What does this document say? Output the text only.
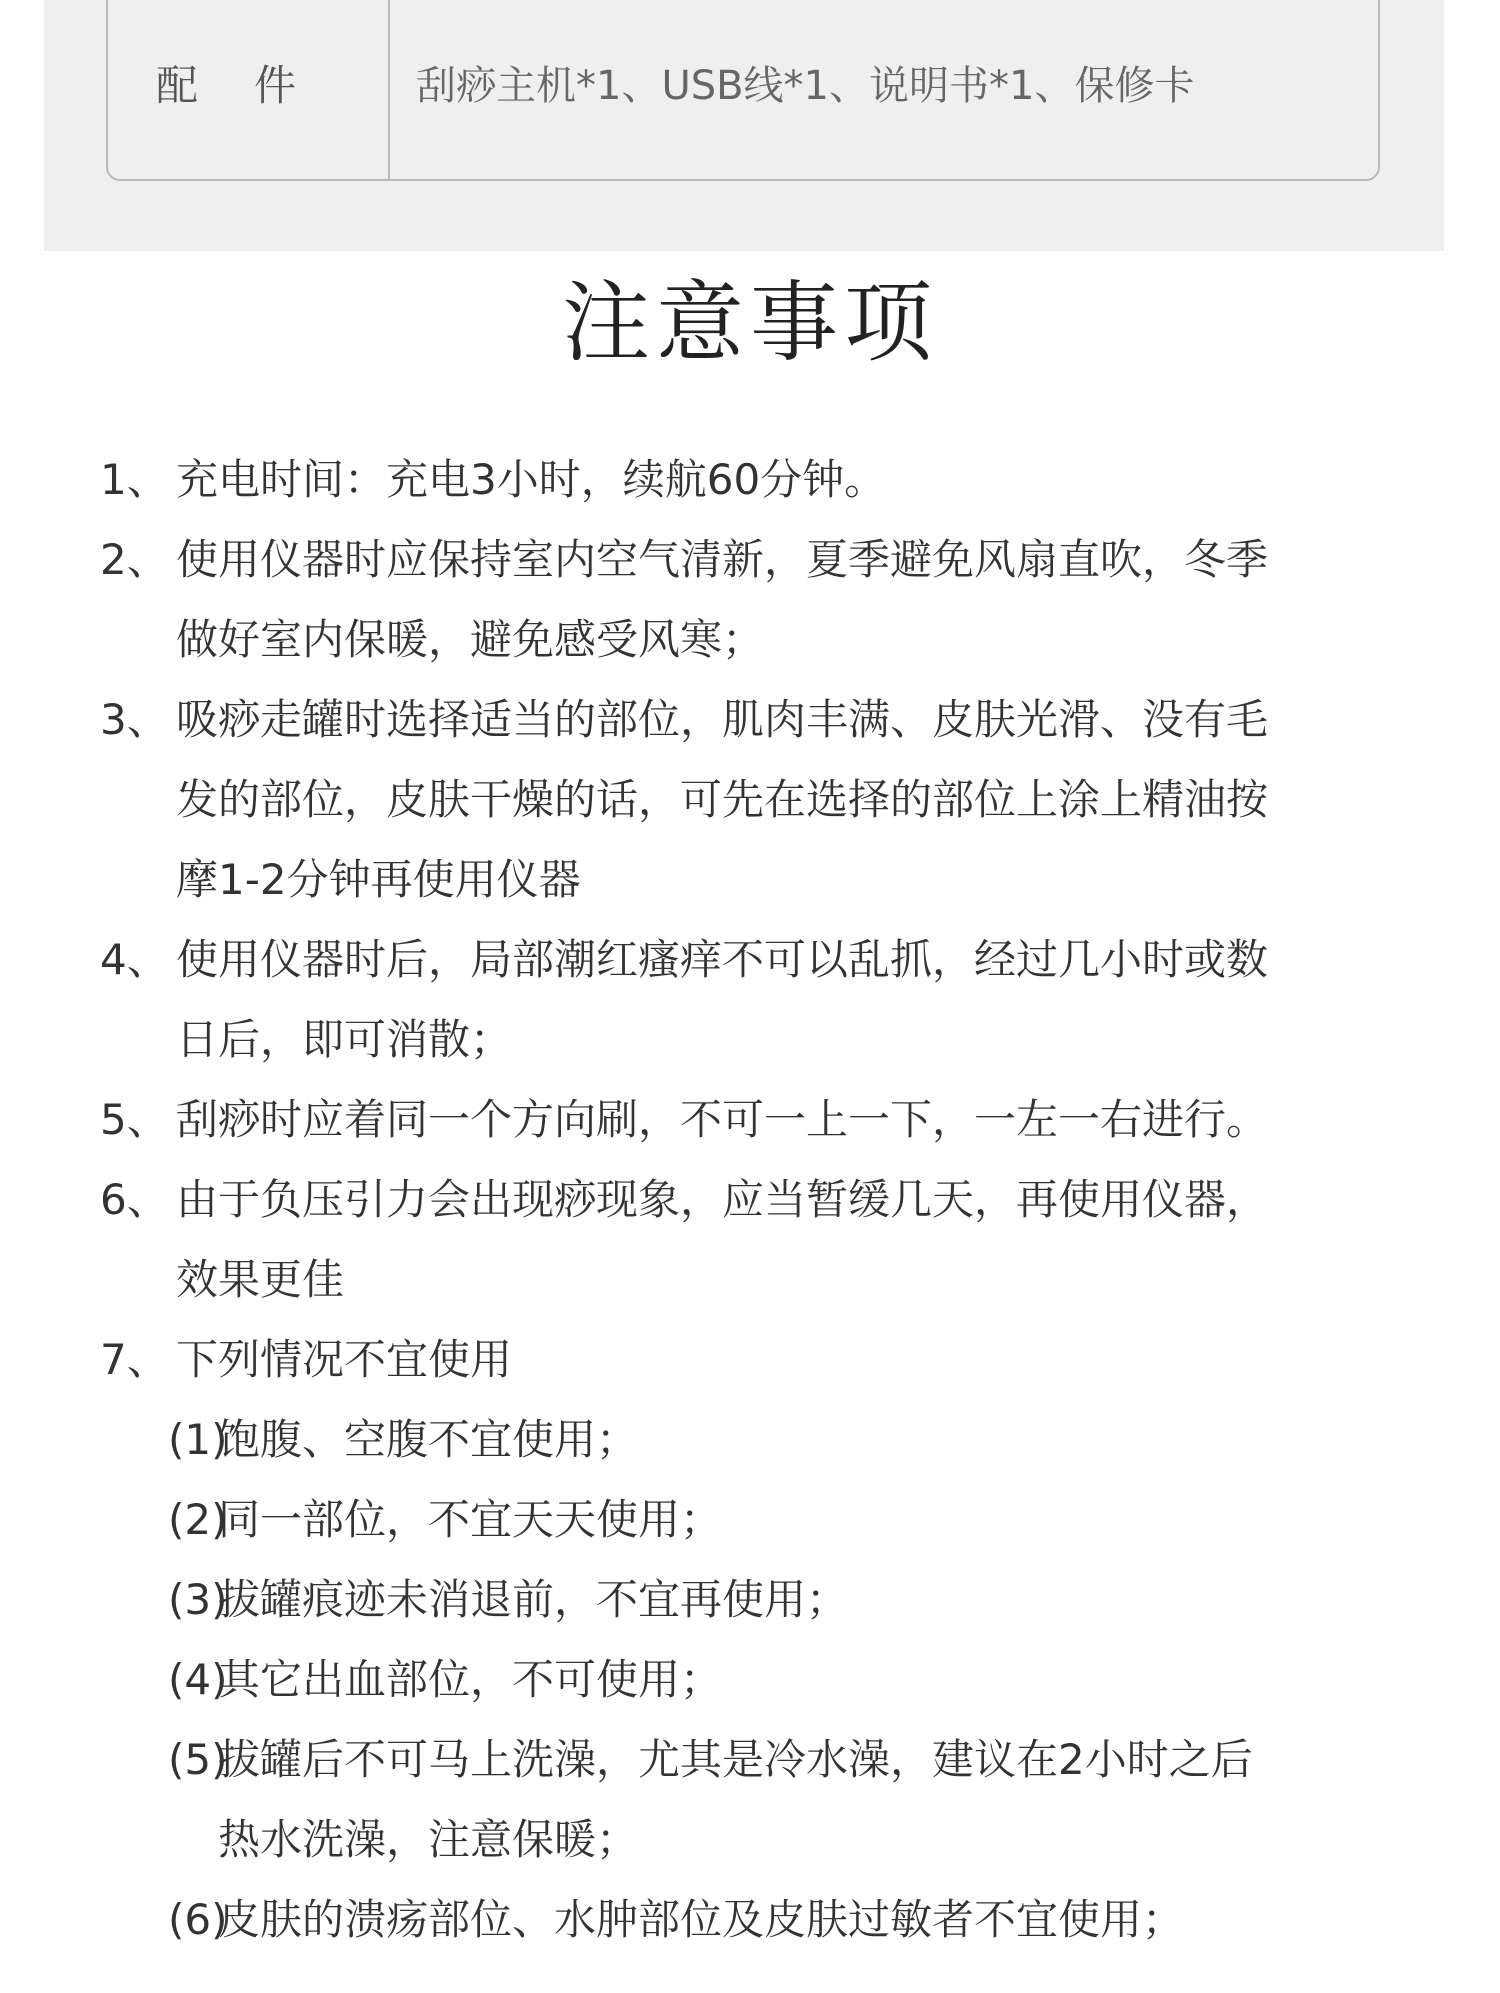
配件 刮痧主机*1、USB线*1、说明书*1、保修卡
注意事项
1、 充电时间：充电3小时，续航60分钟。
2、 使用仪器时应保持室内空气清新，夏季避免风扇直吹，冬季
做好室内保暖，避免感受风寒；
3、 吸痧走罐时选择适当的部位，肌肉丰满、皮肤光滑、没有毛
发的部位，皮肤干燥的话，可先在选择的部位上涂上精油按
摩1-2分钟再使用仪器
4、 使用仪器时后，局部潮红瘙痒不可以乱抓，经过几小时或数
日后，即可消散；
5、 刮痧时应着同一个方向刷，不可一上一下，一左一右进行。
6、 由于负压引力会出现痧现象，应当暂缓几天，再使用仪器，
效果更佳
7、 下列情况不宜使用
(1)
饱腹、空腹不宜使用；
(2)
同一部位，不宜天天使用；
(3)
拔罐痕迹未消退前，不宜再使用；
(4)
其它出血部位，不可使用；
(5)
拔罐后不可马上洗澡，尤其是冷水澡，建议在2小时之后
热水洗澡，注意保暖；
(6)
皮肤的溃疡部位、水肿部位及皮肤过敏者不宜使用；
